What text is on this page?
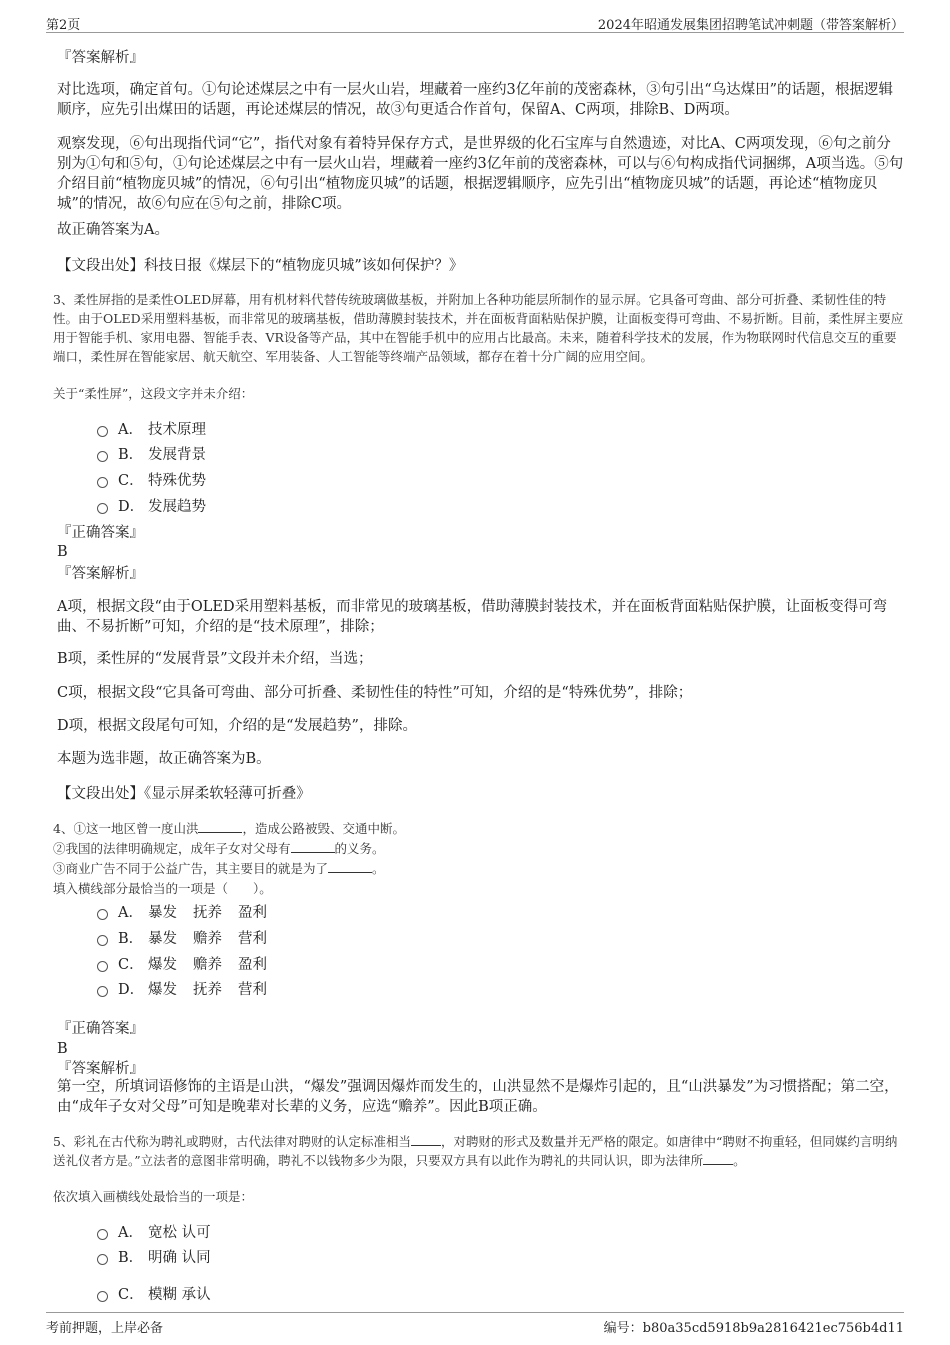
第2页	2024年昭通发展集团招聘笔试冲刺题（带答案解析）

『答案解析』

对比选项，确定首句。①句论述煤层之中有一层火山岩，埋藏着一座约3亿年前的茂密森林，③句引出“乌达煤田”的话题，根据逻辑顺序，应先引出煤田的话题，再论述煤层的情况，故③句更适合作首句，保留A、C两项，排除B、D两项。

观察发现，⑥句出现指代词“它”，指代对象有着特异保存方式，是世界级的化石宝库与自然遗迹，对比A、C两项发现，⑥句之前分别为①句和⑤句，①句论述煤层之中有一层火山岩，埋藏着一座约3亿年前的茂密森林，可以与⑥句构成指代词捆绑，A项当选。⑤句介绍目前“植物庞贝城”的情况，⑥句引出“植物庞贝城”的话题，根据逻辑顺序，应先引出“植物庞贝城”的话题，再论述“植物庞贝城”的情况，故⑥句应在⑤句之前，排除C项。

故正确答案为A。

【文段出处】科技日报《煤层下的“植物庞贝城”该如何保护？》

3、柔性屏指的是柔性OLED屏幕，用有机材料代替传统玻璃做基板，并附加上各种功能层所制作的显示屏。它具备可弯曲、部分可折叠、柔韧性佳的特性。由于OLED采用塑料基板，而非常见的玻璃基板，借助薄膜封装技术，并在面板背面粘贴保护膜，让面板变得可弯曲、不易折断。目前，柔性屏主要应用于智能手机、家用电器、智能手表、VR设备等产品，其中在智能手机中的应用占比最高。未来，随着科学技术的发展，作为物联网时代信息交互的重要端口，柔性屏在智能家居、航天航空、军用装备、人工智能等终端产品领域，都存在着十分广阔的应用空间。

关于“柔性屏”，这段文字并未介绍：

A． 技术原理
B． 发展背景
C． 特殊优势
D． 发展趋势

『正确答案』

B

『答案解析』

A项，根据文段“由于OLED采用塑料基板，而非常见的玻璃基板，借助薄膜封装技术，并在面板背面粘贴保护膜，让面板变得可弯曲、不易折断”可知，介绍的是“技术原理”，排除；

B项，柔性屏的“发展背景”文段并未介绍，当选；

C项，根据文段“它具备可弯曲、部分可折叠、柔韧性佳的特性”可知，介绍的是“特殊优势”，排除；

D项，根据文段尾句可知，介绍的是“发展趋势”，排除。

本题为选非题，故正确答案为B。

【文段出处】《显示屏柔软轻薄可折叠》

4、①这一地区曾一度山洪	，造成公路被毁、交通中断。

②我国的法律明确规定，成年子女对父母有	的义务。

③商业广告不同于公益广告，其主要目的就是为了	。

填入横线部分最恰当的一项是（　　）。

A． 暴发 抚养 盈利
B． 暴发 赡养 营利
C． 爆发 赡养 盈利
D． 爆发 抚养 营利

『正确答案』

B

『答案解析』

第一空，所填词语修饰的主语是山洪，“爆发”强调因爆炸而发生的，山洪显然不是爆炸引起的，且“山洪暴发”为习惯搭配；第二空，由“成年子女对父母”可知是晚辈对长辈的义务，应选“赡养”。因此B项正确。

5、彩礼在古代称为聘礼或聘财，古代法律对聘财的认定标准相当 ，对聘财的形式及数量并无严格的限定。如唐律中“聘财不拘重轻，但同媒约言明纳送礼仪者方是。”立法者的意图非常明确，聘礼不以钱物多少为限，只要双方具有以此作为聘礼的共同认识，即为法律所 。

依次填入画横线处最恰当的一项是：

A． 宽松 认可
B． 明确 认同
C． 模糊 承认
考前押题，上岸必备	编号：b80a35cd5918b9a2816421ec756b4d11
